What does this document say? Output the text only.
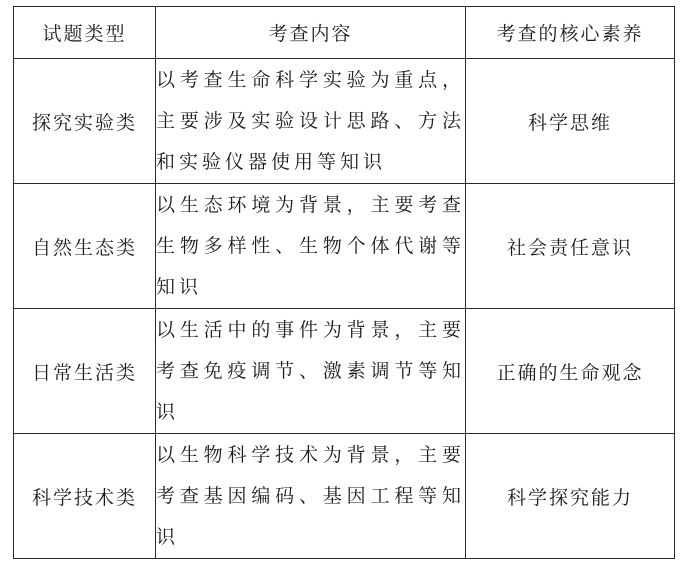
试题类型	考查内容	考查的核心素养
探究实验类	以考查生命科学实验为重点，主要涉及实验设计思路、方法和实验仪器使用等知识	科学思维
自然生态类	以生态环境为背景，主要考查生物多样性、生物个体代谢等知识	社会责任意识
日常生活类	以生活中的事件为背景，主要考查免疫调节、激素调节等知识	正确的生命观念
科学技术类	以生物科学技术为背景，主要考查基因编码、基因工程等知识	科学探究能力
